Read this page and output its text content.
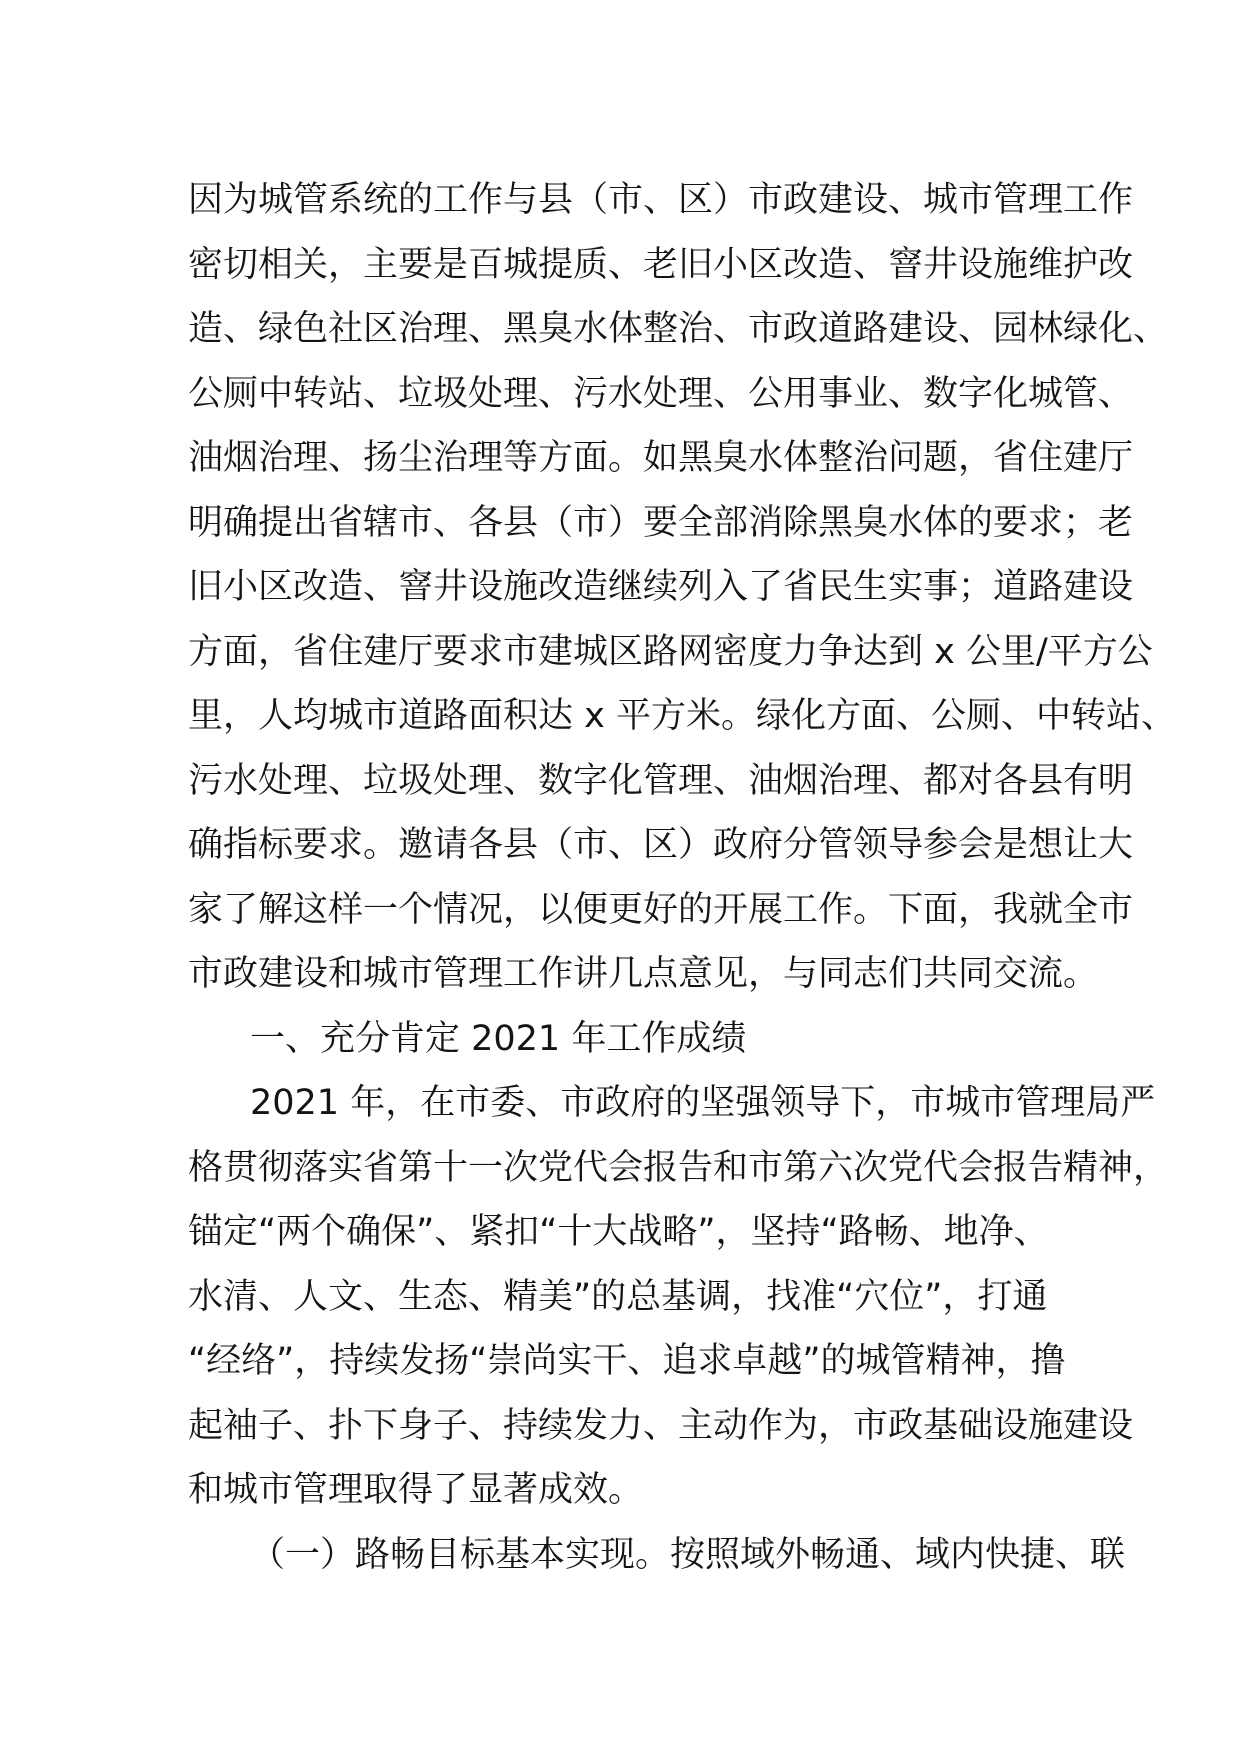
因为城管系统的工作与县（市、区）市政建设、城市管理工作
密切相关，主要是百城提质、老旧小区改造、窨井设施维护改
造、绿色社区治理、黑臭水体整治、市政道路建设、园林绿化、
公厕中转站、垃圾处理、污水处理、公用事业、数字化城管、
油烟治理、扬尘治理等方面。如黑臭水体整治问题，省住建厅
明确提出省辖市、各县（市）要全部消除黑臭水体的要求；老
旧小区改造、窨井设施改造继续列入了省民生实事；道路建设
方面，省住建厅要求市建城区路网密度力争达到 x 公里/平方公
里，人均城市道路面积达 x 平方米。绿化方面、公厕、中转站、
污水处理、垃圾处理、数字化管理、油烟治理、都对各县有明
确指标要求。邀请各县（市、区）政府分管领导参会是想让大
家了解这样一个情况，以便更好的开展工作。下面，我就全市
市政建设和城市管理工作讲几点意见，与同志们共同交流。
一、充分肯定 2021 年工作成绩
2021 年，在市委、市政府的坚强领导下，市城市管理局严
格贯彻落实省第十一次党代会报告和市第六次党代会报告精神，
锚定“两个确保”、紧扣“十大战略”，坚持“路畅、地净、
水清、人文、生态、精美”的总基调，找准“穴位”，打通
“经络”，持续发扬“崇尚实干、追求卓越”的城管精神，撸
起袖子、扑下身子、持续发力、主动作为，市政基础设施建设
和城市管理取得了显著成效。
（一）路畅目标基本实现。按照域外畅通、域内快捷、联
